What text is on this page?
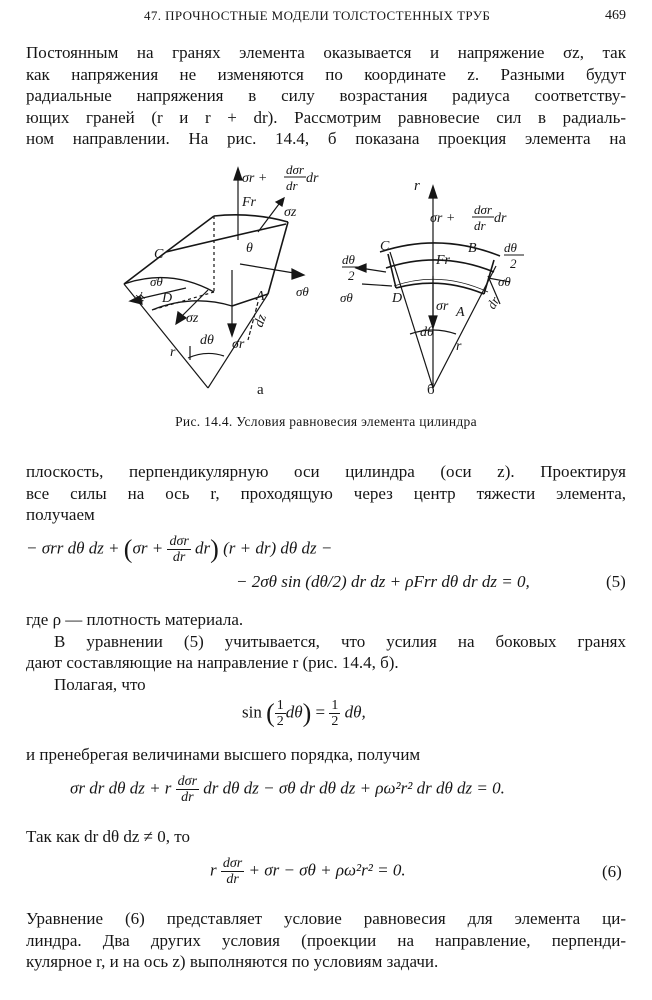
47. ПРОЧНОСТНЫЕ МОДЕЛИ ТОЛСТОСТЕННЫХ ТРУБ	469
Постоянным на гранях элемента оказывается и напряжение σz, так
как напряжения не изменяются по координате z. Разными будут
радиальные напряжения в силу возрастания радиуса соответству-
ющих граней (r и r + dr). Рассмотрим равновесие сил в радиаль-
ном направлении. На рис. 14.4, б показана проекция элемента на
σr +
dσr
dr dr
Fr
σz
θ
C
σθ
D
dr	A σθ
dz
σz
dθ σr
r
а
r
σr +
dσr
dr dr
C	B
Fr
dθ
2
dθ
2
σθ
σθ	D
σr A
dr
dθ
r
б
Рис. 14.4. Условия равновесия элемента цилиндра
плоскость, перпендикулярную оси цилиндра (оси z). Проектируя
все силы на ось r, проходящую через центр тяжести элемента,
получаем
− σrr dθ dz + $(\sigma r + \frac{\text{dσr}}{dr} dr)$ (r + dr) dθ dz −
− 2σθ sin (dθ/2) dr dz + ρFrr dθ dr dz = 0,	(5)
где ρ — плотность материала.
В уравнении (5) учитывается, что усилия на боковых гранях
дают составляющие на направление r (рис. 14.4, б).
Полагая, что
sin ( $\frac{1}{2} d\theta) = \frac{1}{2} d\theta$,
и пренебрегая величинами высшего порядка, получим
σr dr dθ dz + r $\frac{\text{dσr}}{dr}$ dr dθ dz − σθ dr dθ dz + ρω²r² dr dθ dz = 0.
Так как dr dθ dz ≠ 0, то
r $\frac{\text{dσr}}{dr} + \sigma r - \sigma\theta + \rho\omega^2r^2 = 0$.	(6)
Уравнение (6) представляет условие равновесия для элемента ци-
линдра. Два других условия (проекции на направление, перпенди-
кулярное r, и на ось z) выполняются по условиям задачи.
